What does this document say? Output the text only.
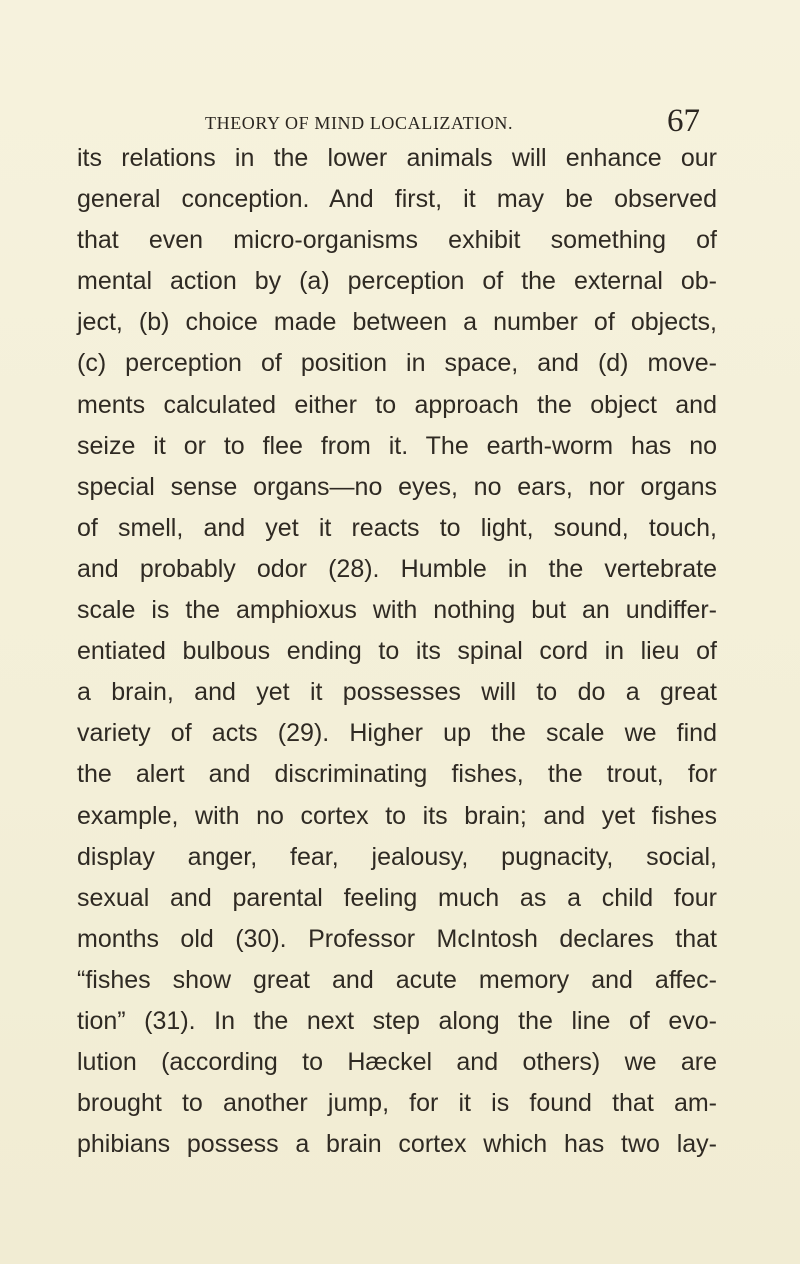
THEORY OF MIND LOCALIZATION.	67
its relations in the lower animals will enhance our
general conception. And first, it may be observed
that even micro-organisms exhibit something of
mental action by (a) perception of the external ob-
ject, (b) choice made between a number of objects,
(c) perception of position in space, and (d) move-
ments calculated either to approach the object and
seize it or to flee from it. The earth-worm has no
special sense organs—no eyes, no ears, nor organs
of smell, and yet it reacts to light, sound, touch,
and probably odor (28). Humble in the vertebrate
scale is the amphioxus with nothing but an undiffer-
entiated bulbous ending to its spinal cord in lieu of
a brain, and yet it possesses will to do a great
variety of acts (29). Higher up the scale we find
the alert and discriminating fishes, the trout, for
example, with no cortex to its brain; and yet fishes
display anger, fear, jealousy, pugnacity, social,
sexual and parental feeling much as a child four
months old (30). Professor McIntosh declares that
“fishes show great and acute memory and affec-
tion” (31). In the next step along the line of evo-
lution (according to Hæckel and others) we are
brought to another jump, for it is found that am-
phibians possess a brain cortex which has two lay-
